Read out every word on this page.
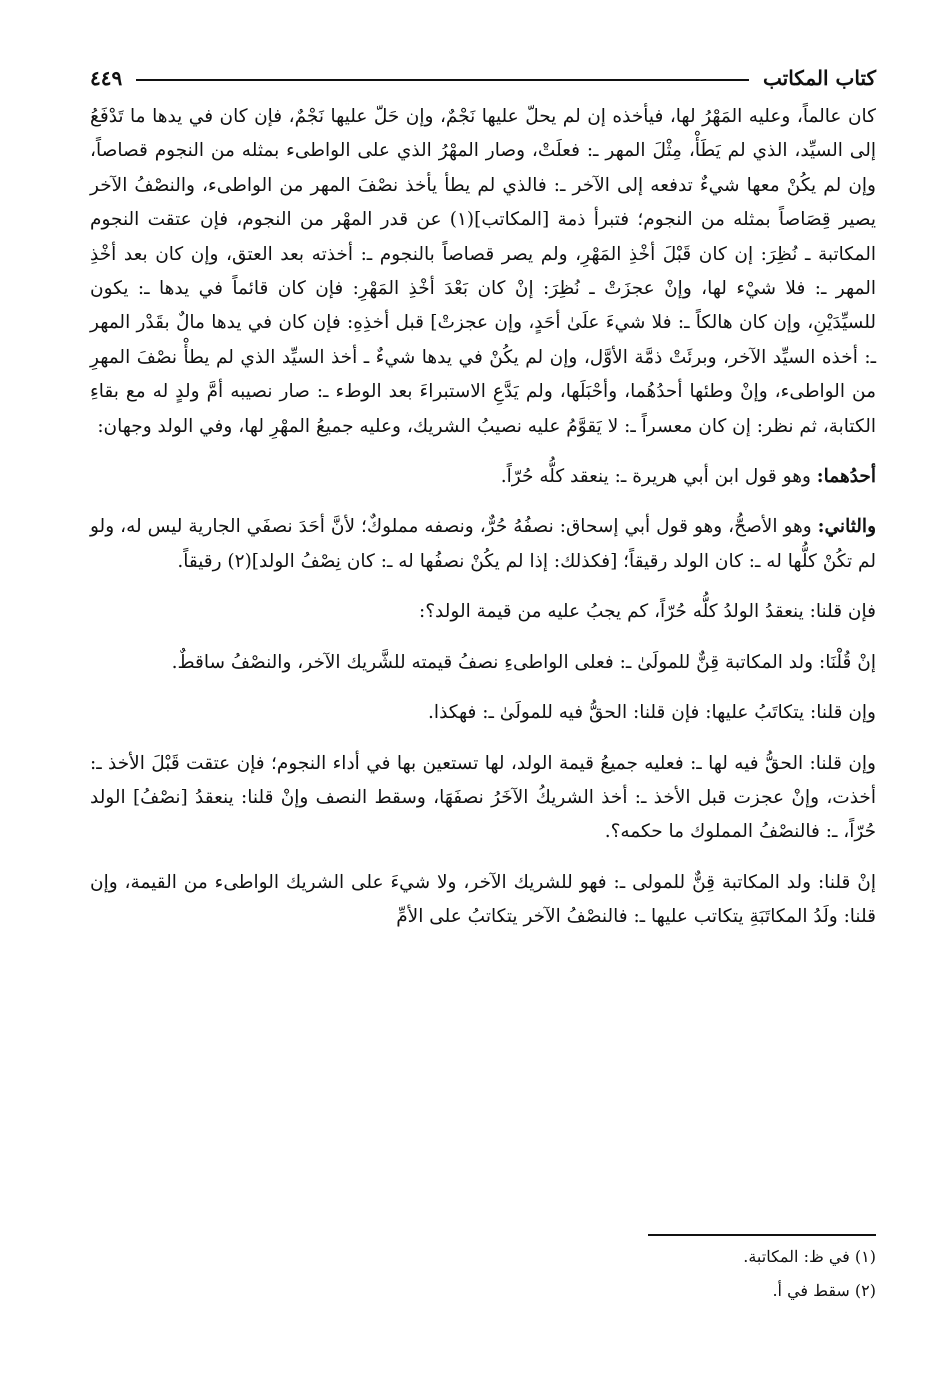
كتاب المكاتب
٤٤٩

كان عالماً، وعليه المَهْرُ لها، فيأخذه إن لم يحلّ عليها نَجْمٌ، وإن حَلّ عليها نَجْمٌ، فإن كان في يدها ما تَدْفَعُ إلى السيِّد، الذي لم يَطَأْ، مِثْلَ المهر ـ: فعلَتْ، وصار المهْرُ الذي على الواطىء بمثله من النجوم قصاصاً، وإن لم يكُنْ معها شيءٌ تدفعه إلى الآخر ـ: فالذي لم يطأ يأخذ نصْفَ المهر من الواطىء، والنصْفُ الآخر يصير قِصَاصاً بمثله من النجوم؛ فتبرأ ذمة [المكاتب](١) عن قدر المهْر من النجوم، فإن عتقت النجوم المكاتبة ـ نُظِرَ: إن كان قَبْلَ أخْذِ المَهْرِ، ولم يصر قصاصاً بالنجوم ـ: أخذته بعد العتق، وإن كان بعد أخْذِ المهر ـ: فلا شيْء لها، وإنْ عجزَتْ ـ نُظِرَ: إنْ كان بَعْدَ أخْذِ المَهْرِ: فإن كان قائماً في يدها ـ: يكون للسيِّدَيْنِ، وإن كان هالكاً ـ: فلا شيءَ علَىٰ أحَدٍ، وإن عجزتْ] قبل أخذِهِ: فإن كان في يدها مالٌ بقَدْر المهر ـ: أخذه السيِّد الآخر، وبرئَتْ ذمَّة الأوَّل، وإن لم يكُنْ في يدها شيءٌ ـ أخذ السيِّد الذي لم يطأْ نصْفَ المهرِ من الواطىء، وإنْ وطئها أحدُهُما، وأحْبَلَها، ولم يَدَّعِ الاستبراءَ بعد الوطء ـ: صار نصيبه أمَّ ولدٍ له مع بقاءِ الكتابة، ثم نظر: إن كان معسراً ـ: لا يَقوَّمُ عليه نصيبُ الشريك، وعليه جميعُ المهْرِ لها، وفي الولد وجهان:

أحدُهما: وهو قول ابن أبي هريرة ـ: ينعقد كلُّه حُرّاً.

والثاني: وهو الأصحُّ، وهو قول أبي إسحاق: نصفُهُ حُرٌّ، ونصفه مملوكٌ؛ لأنَّ أحَدَ نصفَي الجارية ليس له، ولو لم تكُنْ كلُّها له ـ: كان الولد رقيقاً؛ [فكذلك: إذا لم يكُنْ نصفُها له ـ: كان نِصْفُ الولد](٢) رقيقاً.

فإن قلنا: ينعقدُ الولدُ كلُّه حُرّاً، كم يجبُ عليه من قيمة الولد؟:

إنْ قُلْنَا: ولد المكاتبة قِنٌّ للمولَىٰ ـ: فعلى الواطىءِ نصفُ قيمته للشَّريك الآخر، والنصْفُ ساقطٌ.

وإن قلنا: يتكاتَبُ عليها: فإن قلنا: الحقُّ فيه للمولَىٰ ـ: فهكذا.

وإن قلنا: الحقُّ فيه لها ـ: فعليه جميعُ قيمة الولد، لها تستعين بها في أداء النجوم؛ فإن عتقت قَبْلَ الأخذ ـ: أخذت، وإنْ عجزت قبل الأخذ ـ: أخذ الشريكُ الآخَرُ نصفَهَا، وسقط النصف وإنْ قلنا: ينعقدُ [نصْفُ] الولد حُرّاً، ـ: فالنصْفُ المملوك ما حكمه؟.

إنْ قلنا: ولد المكاتبة قِنٌّ للمولى ـ: فهو للشريك الآخر، ولا شيءَ على الشريك الواطىء من القيمة، وإن قلنا: ولَدُ المكاتَبَةِ يتكاتب عليها ـ: فالنصْفُ الآخر يتكاتبُ على الأمِّ

(١) في ظ: المكاتبة.

(٢) سقط في أ.
